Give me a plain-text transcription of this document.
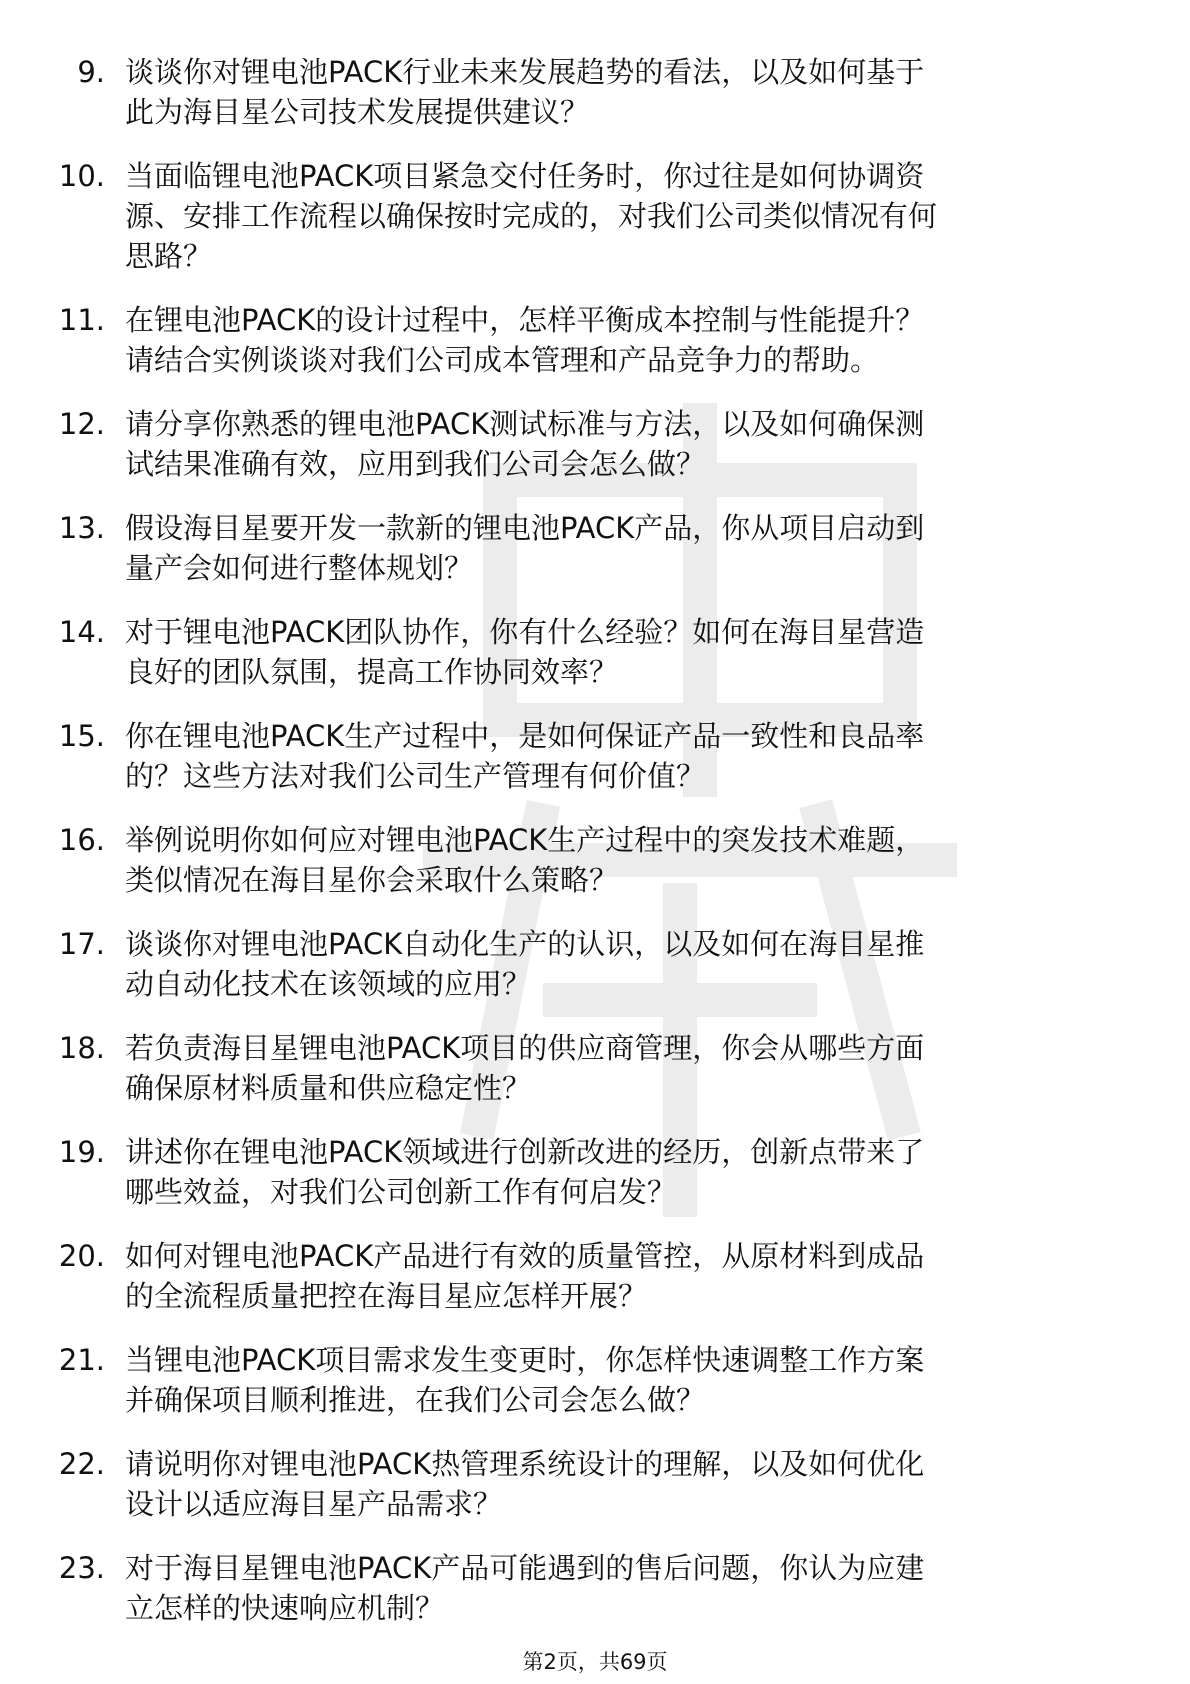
9. 谈谈你对锂电池PACK行业未来发展趋势的看法，以及如何基于
此为海目星公司技术发展提供建议？
10. 当面临锂电池PACK项目紧急交付任务时，你过往是如何协调资
源、安排工作流程以确保按时完成的，对我们公司类似情况有何
思路？
11. 在锂电池PACK的设计过程中，怎样平衡成本控制与性能提升？
请结合实例谈谈对我们公司成本管理和产品竞争力的帮助。
12. 请分享你熟悉的锂电池PACK测试标准与方法，以及如何确保测
试结果准确有效，应用到我们公司会怎么做？
13. 假设海目星要开发一款新的锂电池PACK产品，你从项目启动到
量产会如何进行整体规划？
14. 对于锂电池PACK团队协作，你有什么经验？如何在海目星营造
良好的团队氛围，提高工作协同效率？
15. 你在锂电池PACK生产过程中，是如何保证产品一致性和良品率
的？这些方法对我们公司生产管理有何价值？
16. 举例说明你如何应对锂电池PACK生产过程中的突发技术难题，
类似情况在海目星你会采取什么策略？
17. 谈谈你对锂电池PACK自动化生产的认识，以及如何在海目星推
动自动化技术在该领域的应用？
18. 若负责海目星锂电池PACK项目的供应商管理，你会从哪些方面
确保原材料质量和供应稳定性？
19. 讲述你在锂电池PACK领域进行创新改进的经历，创新点带来了
哪些效益，对我们公司创新工作有何启发？
20. 如何对锂电池PACK产品进行有效的质量管控，从原材料到成品
的全流程质量把控在海目星应怎样开展？
21. 当锂电池PACK项目需求发生变更时，你怎样快速调整工作方案
并确保项目顺利推进，在我们公司会怎么做？
22. 请说明你对锂电池PACK热管理系统设计的理解，以及如何优化
设计以适应海目星产品需求？
23. 对于海目星锂电池PACK产品可能遇到的售后问题，你认为应建
立怎样的快速响应机制？
第2页，共69页
